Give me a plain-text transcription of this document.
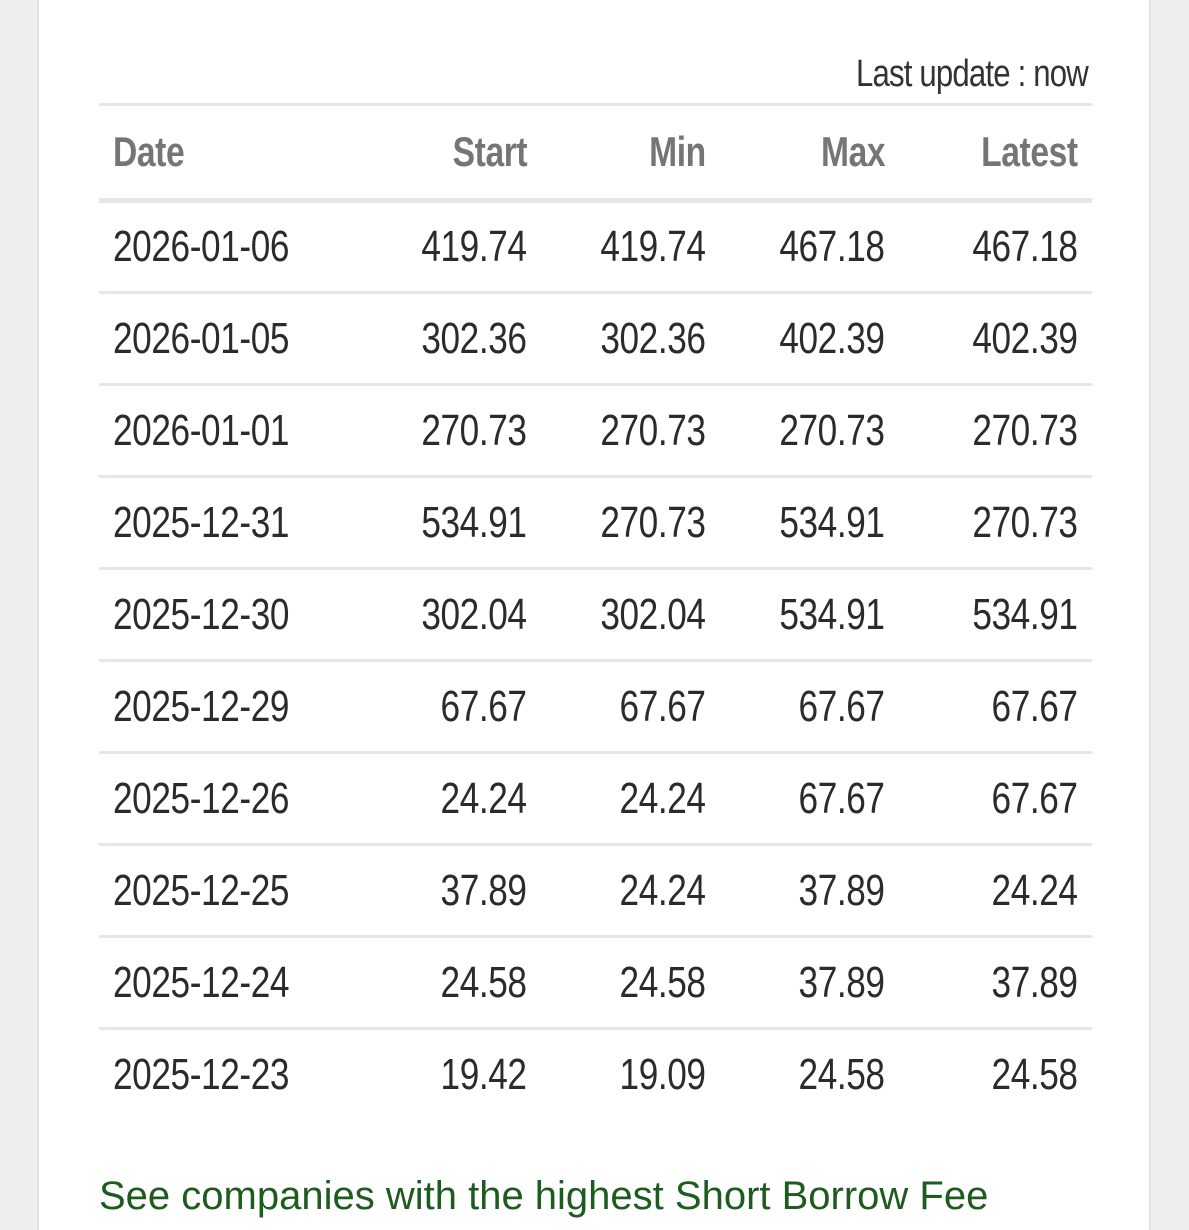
Last update : now
Date	Start	Min	Max	Latest
2026-01-06	419.74	419.74	467.18	467.18
2026-01-05	302.36	302.36	402.39	402.39
2026-01-01	270.73	270.73	270.73	270.73
2025-12-31	534.91	270.73	534.91	270.73
2025-12-30	302.04	302.04	534.91	534.91
2025-12-29	67.67	67.67	67.67	67.67
2025-12-26	24.24	24.24	67.67	67.67
2025-12-25	37.89	24.24	37.89	24.24
2025-12-24	24.58	24.58	37.89	37.89
2025-12-23	19.42	19.09	24.58	24.58
See companies with the highest Short Borrow Fee
